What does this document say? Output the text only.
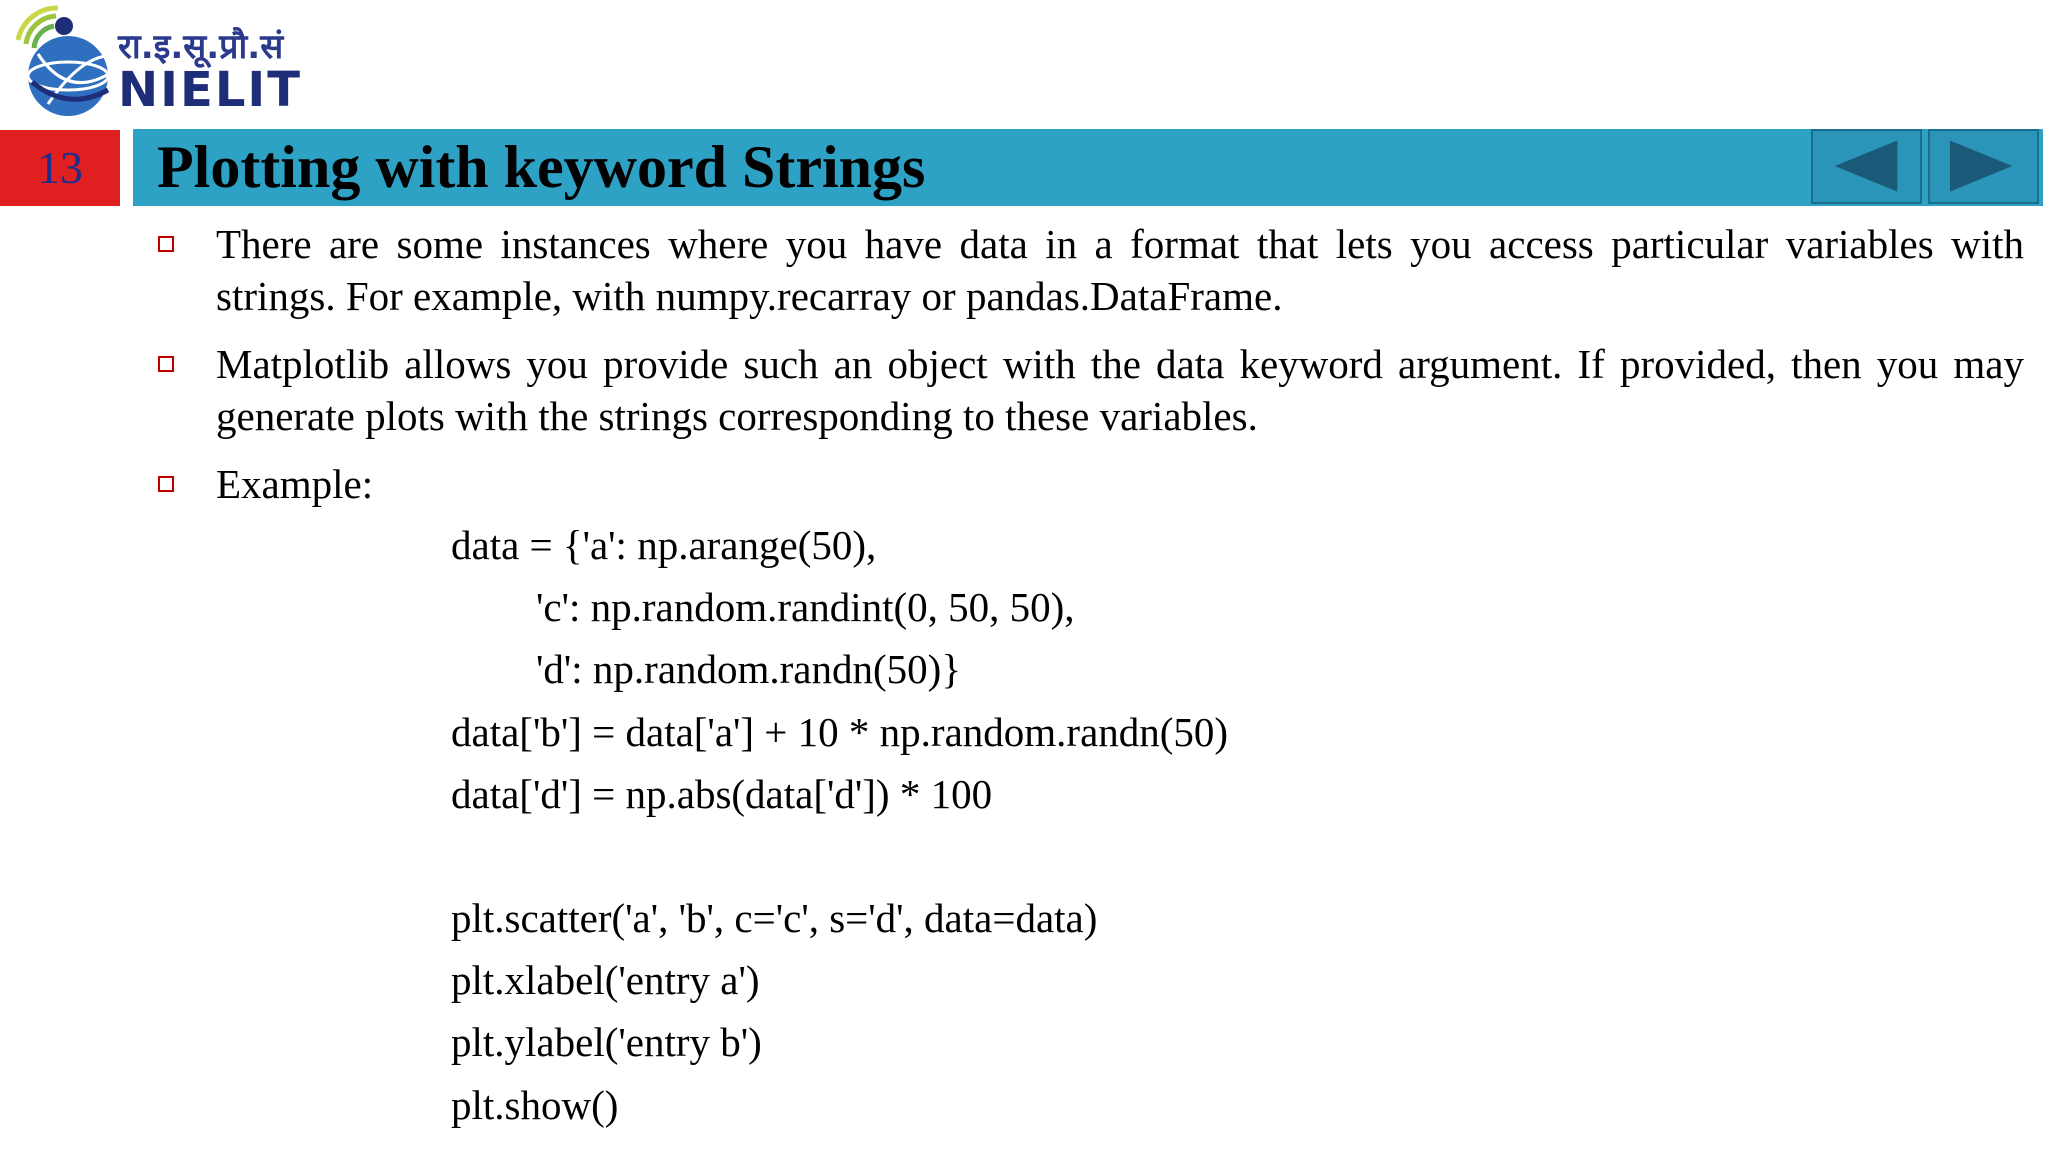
रा.इ.सू.प्रौ.सं
NIELIT
13	Plotting with keyword Strings
There are some instances where you have data in a format that lets you access particular variables with strings. For example, with numpy.recarray or pandas.DataFrame.
Matplotlib allows you provide such an object with the data keyword argument. If provided, then you may generate plots with the strings corresponding to these variables.
Example:
data = {'a': np.arange(50),
'c': np.random.randint(0, 50, 50),
'd': np.random.randn(50)}
data['b'] = data['a'] + 10 * np.random.randn(50)
data['d'] = np.abs(data['d']) * 100
plt.scatter('a', 'b', c='c', s='d', data=data)
plt.xlabel('entry a')
plt.ylabel('entry b')
plt.show()
